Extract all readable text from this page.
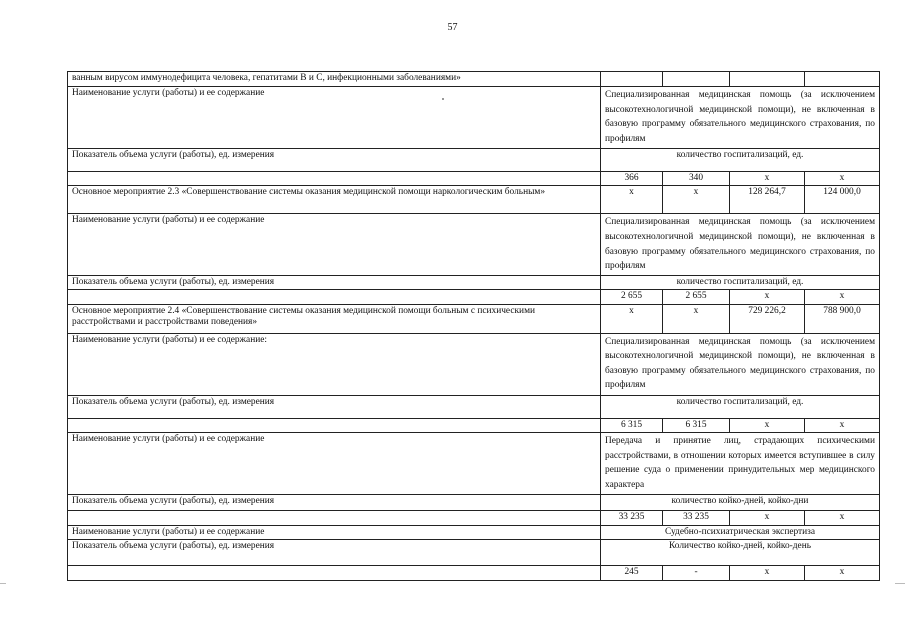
57
ванным вирусом иммунодефицита человека, гепатитами В и С, инфекционными заболеваниями»				
Наименование услуги (работы) и ее содержание	Специализированная медицинская помощь (за исключением высокотехнологичной медицинской помощи), не включенная в базовую программу обязательного медицинского страхования, по профилям			
Показатель объема услуги (работы), ед. измерения	количество госпитализаций, ед.			
	366	340	х	х
Основное мероприятие 2.3 «Совершенствование системы оказания медицинской помощи наркологическим больным»	х	х	128 264,7	124 000,0
Наименование услуги (работы) и ее содержание	Специализированная медицинская помощь (за исключением высокотехнологичной медицинской помощи), не включенная в базовую программу обязательного медицинского страхования, по профилям			
Показатель объема услуги (работы), ед. измерения	количество госпитализаций, ед.			
	2 655	2 655	х	х
Основное мероприятие 2.4 «Совершенствование системы оказания медицинской помощи больным с психическими расстройствами и расстройствами поведения»	х	х	729 226,2	788 900,0
Наименование услуги (работы) и ее содержание:	Специализированная медицинская помощь (за исключением высокотехнологичной медицинской помощи), не включенная в базовую программу обязательного медицинского страхования, по профилям			
Показатель объема услуги (работы), ед. измерения	количество госпитализаций, ед.			
	6 315	6 315	х	х
Наименование услуги (работы) и ее содержание	Передача и принятие лиц, страдающих психическими расстройствами, в отношении которых имеется вступившее в силу решение суда о применении принудительных мер медицинского характера			
Показатель объема услуги (работы), ед. измерения	количество койко-дней, койко-дни			
	33 235	33 235	х	х
Наименование услуги (работы) и ее содержание	Судебно-психиатрическая экспертиза			
Показатель объема услуги (работы), ед. измерения	Количество койко-дней, койко-день			
	245	-	х	х
